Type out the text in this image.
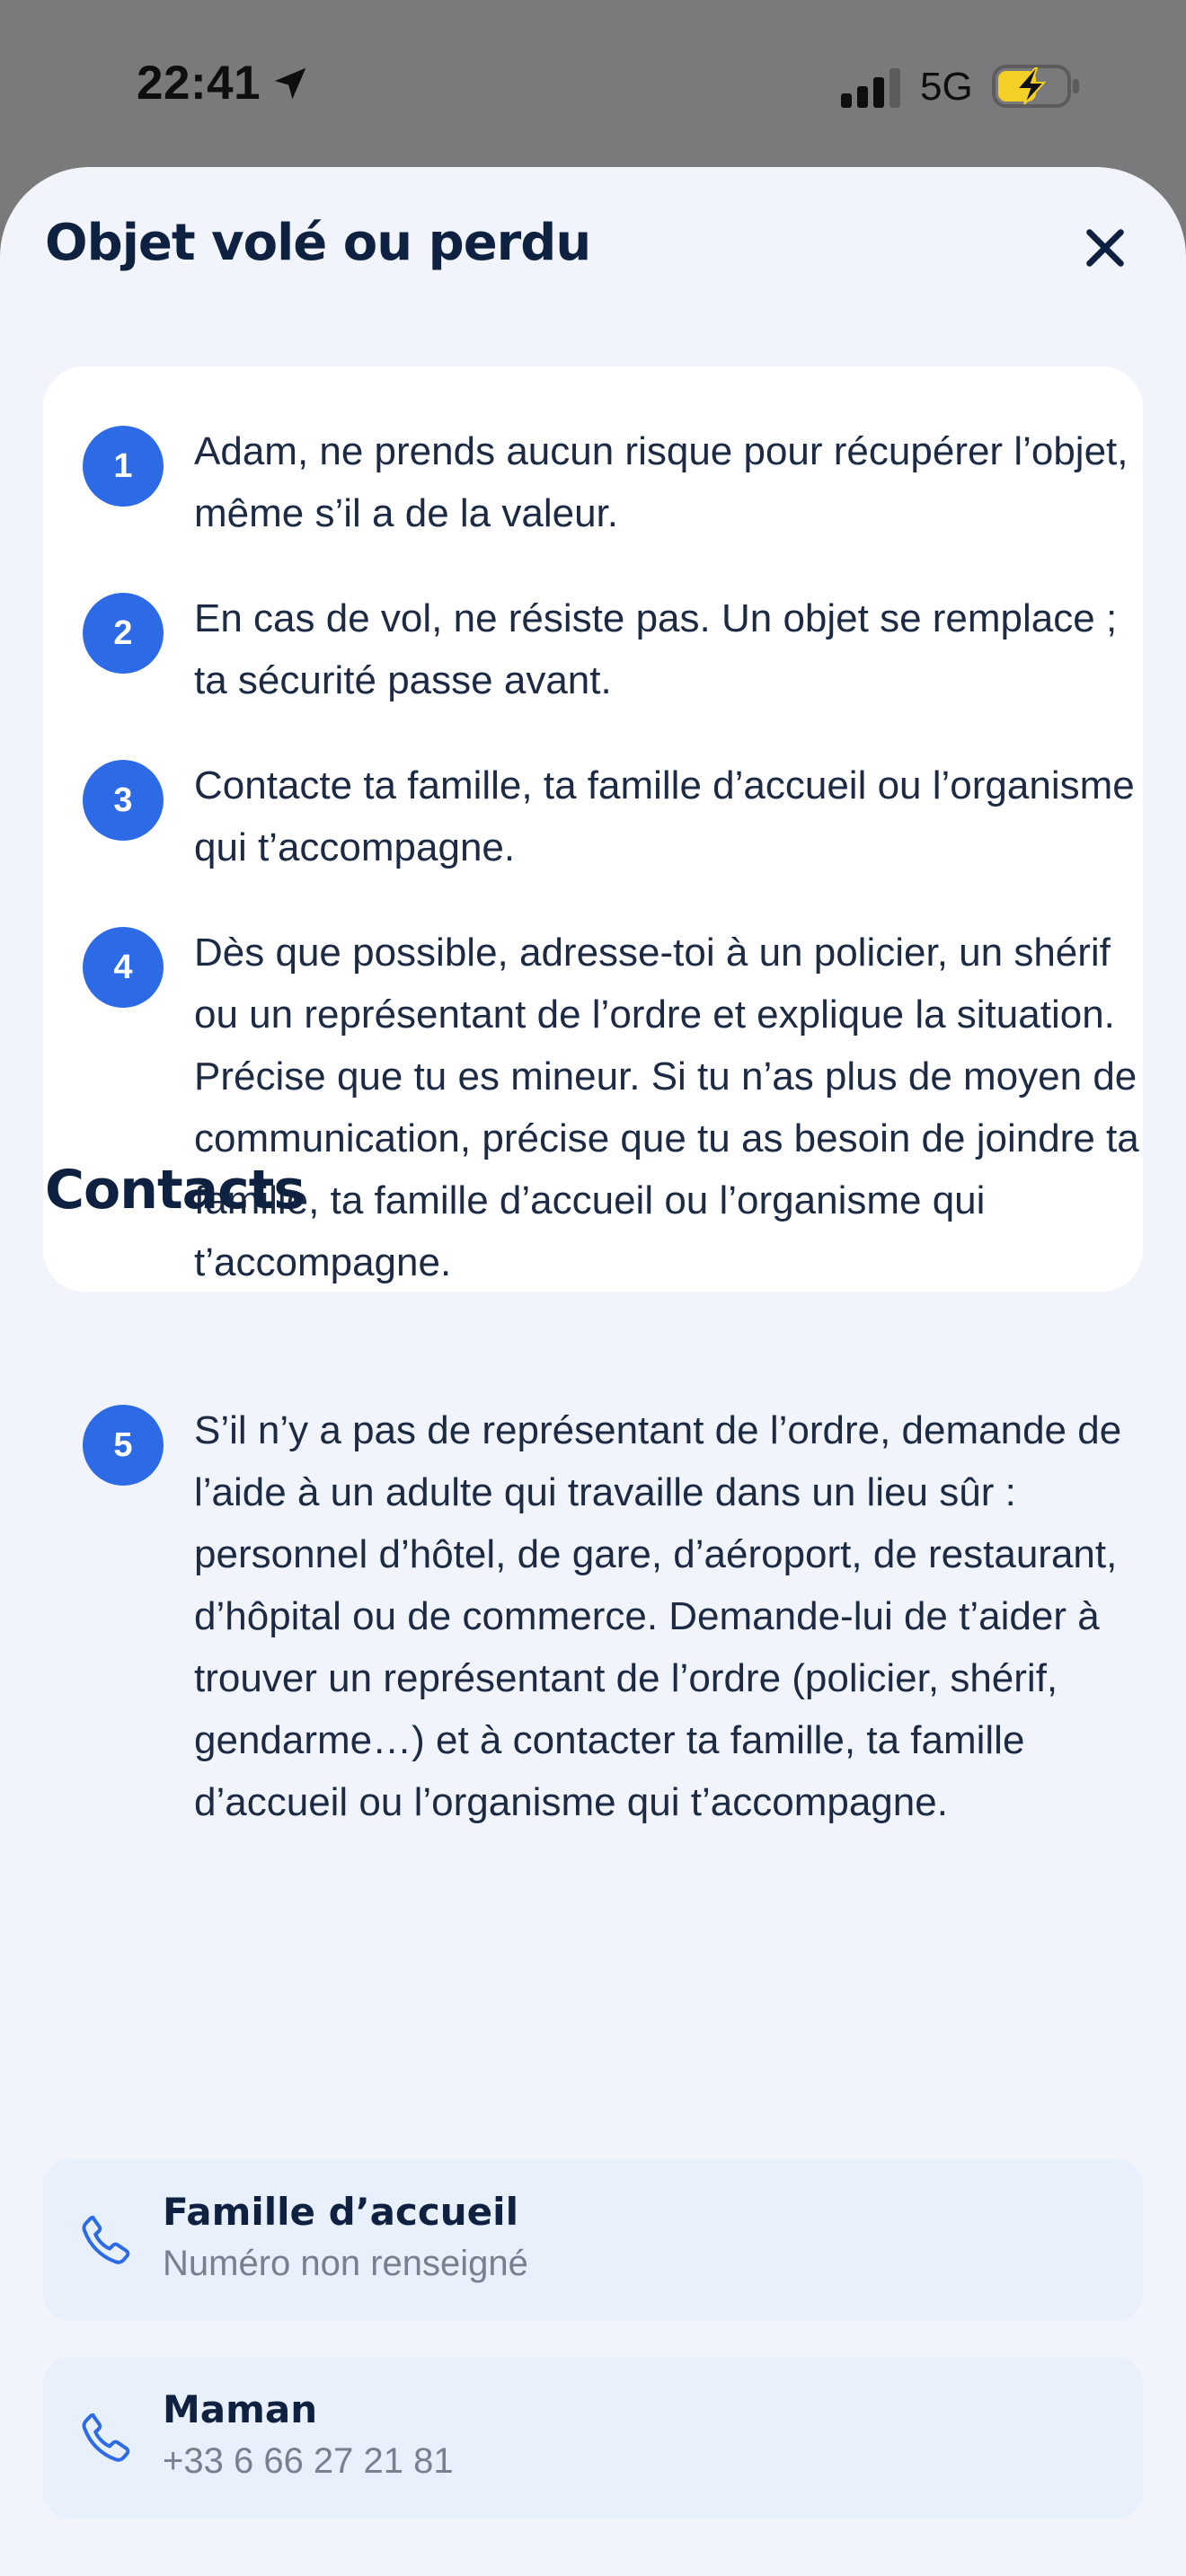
22:41	5G
Objet volé ou perdu
1	Adam, ne prends aucun risque pour récupérer l’objet, même s’il a de la valeur.

2	En cas de vol, ne résiste pas. Un objet se remplace ; ta sécurité passe avant.

3	Contacte ta famille, ta famille d’accueil ou l’organisme qui t’accompagne.

4	Dès que possible, adresse-toi à un policier, un shérif ou un représentant de l’ordre et explique la situation. Précise que tu es mineur. Si tu n’as plus de moyen de communication, précise que tu as besoin de joindre ta famille, ta famille d’accueil ou l’organisme qui t’accompagne.

5	S’il n’y a pas de représentant de l’ordre, demande de l’aide à un adulte qui travaille dans un lieu sûr : personnel d’hôtel, de gare, d’aéroport, de restaurant, d’hôpital ou de commerce. Demande-lui de t’aider à trouver un représentant de l’ordre (policier, shérif, gendarme…) et à contacter ta famille, ta famille d’accueil ou l’organisme qui t’accompagne.

Contacts
Famille d’accueil
Numéro non renseigné
Maman
+33 6 66 27 21 81
